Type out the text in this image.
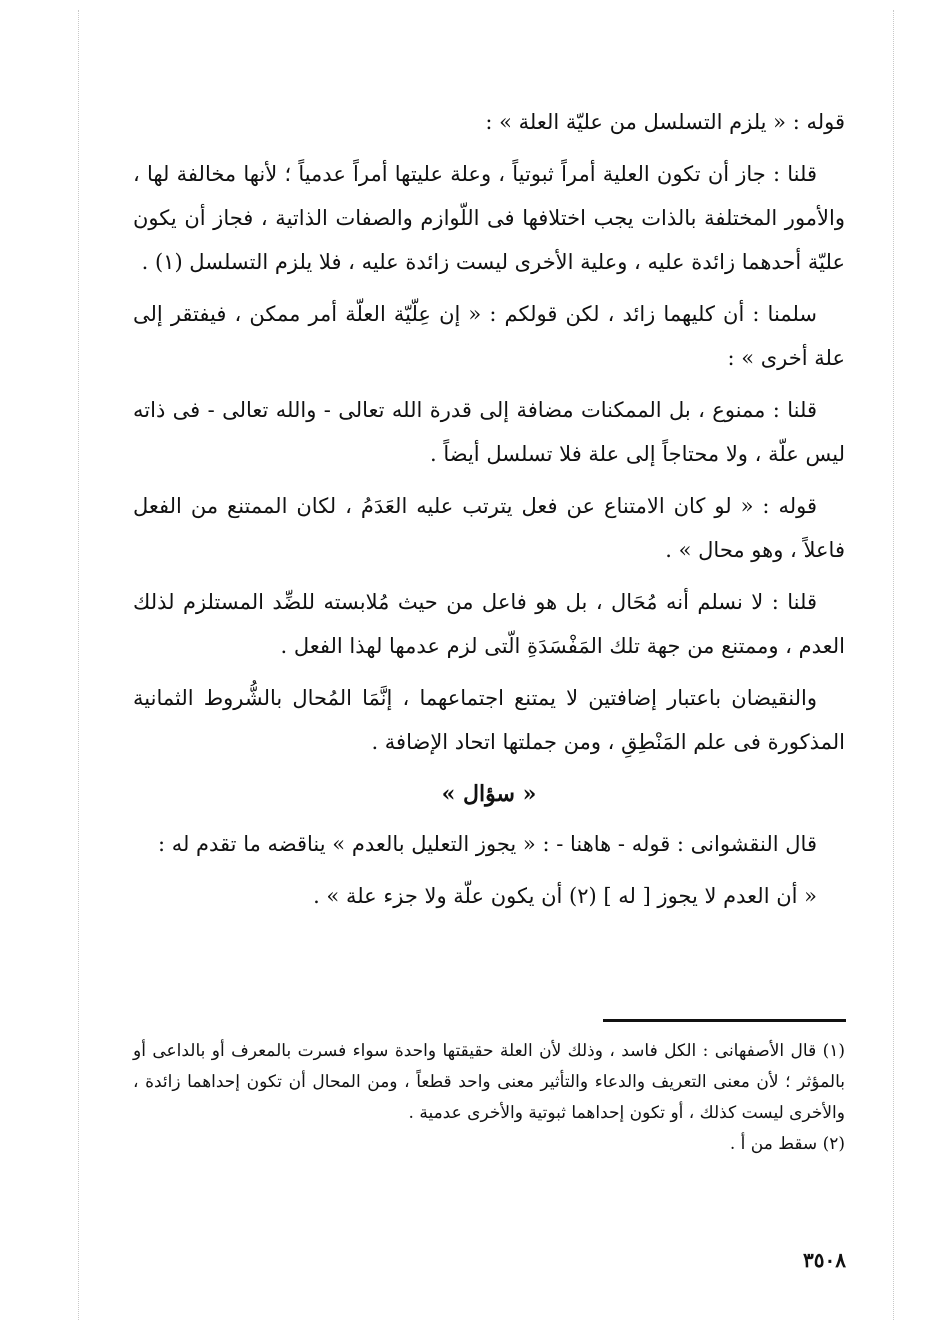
قوله : « يلزم التسلسل من عليّة العلة » :

قلنا : جاز أن تكون العلية أمراً ثبوتياً ، وعلة عليتها أمراً عدمياً ؛ لأنها مخالفة لها ، والأمور المختلفة بالذات يجب اختلافها فى اللّوازم والصفات الذاتية ، فجاز أن يكون عليّة أحدهما زائدة عليه ، وعلية الأخرى ليست زائدة عليه ، فلا يلزم التسلسل (١) .

سلمنا : أن كليهما زائد ، لكن قولكم : « إن عِلّيّة العلّة أمر ممكن ، فيفتقر إلى علة أخرى » :

قلنا : ممنوع ، بل الممكنات مضافة إلى قدرة الله تعالى - والله تعالى - فى ذاته ليس علّة ، ولا محتاجاً إلى علة فلا تسلسل أيضاً .

قوله : « لو كان الامتناع عن فعل يترتب عليه العَدَمُ ، لكان الممتنع من الفعل فاعلاً ، وهو محال » .

قلنا : لا نسلم أنه مُحَال ، بل هو فاعل من حيث مُلابسته للضِّد المستلزم لذلك العدم ، وممتنع من جهة تلك المَفْسَدَةِ الّتى لزم عدمها لهذا الفعل .

والنقيضان باعتبار إضافتين لا يمتنع اجتماعهما ، إنَّمَا المُحال بالشُّروط الثمانية المذكورة فى علم المَنْطِقِ ، ومن جملتها اتحاد الإضافة .

« سؤال »

قال النقشوانى : قوله - هاهنا - : « يجوز التعليل بالعدم » يناقضه ما تقدم له :

« أن العدم لا يجوز [ له ] (٢) أن يكون علّة ولا جزء علة » .

(١) قال الأصفهانى : الكل فاسد ، وذلك لأن العلة حقيقتها واحدة سواء فسرت بالمعرف أو بالداعى أو بالمؤثر ؛ لأن معنى التعريف والدعاء والتأثير معنى واحد قطعاً ، ومن المحال أن تكون إحداهما زائدة ، والأخرى ليست كذلك ، أو تكون إحداهما ثبوتية والأخرى عدمية .

(٢) سقط من أ .

٣٥٠٨
